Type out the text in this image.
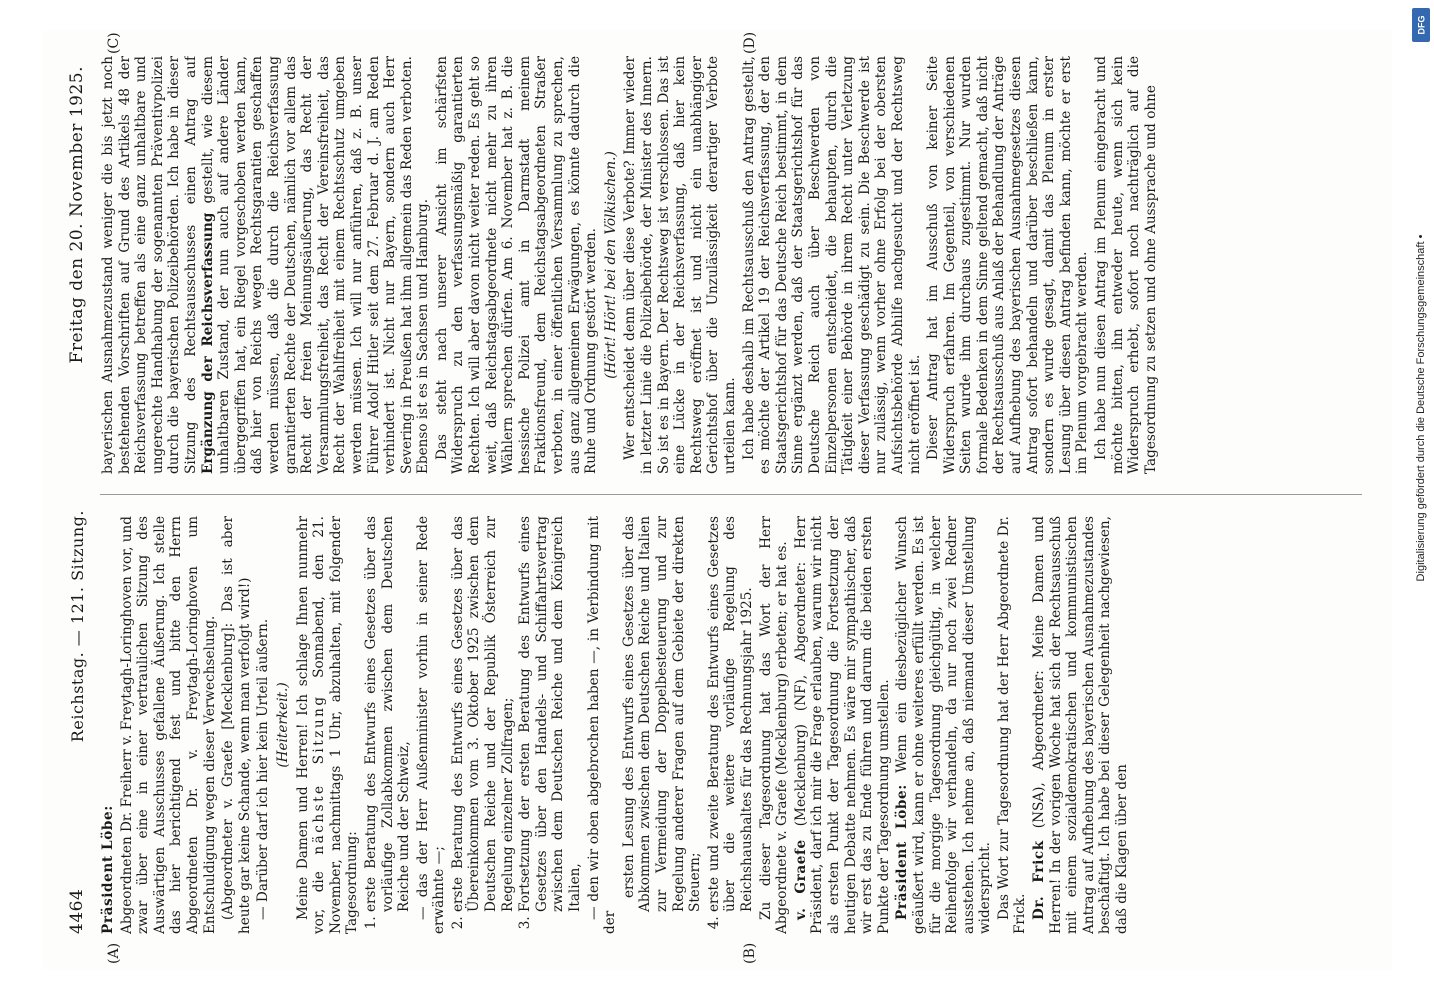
4464
Reichstag. — 121. Sitzung.
Freitag den 20. November 1925.
(A)	(B)
(C)	(D)

Präsident Löbe: Abgeordneten Dr. Freiherr v. Freytagh-Loringhoven vor, und zwar über eine in einer vertraulichen Sitzung des Auswärtigen Ausschusses gefallene Äußerung. Ich stelle das hier berichtigend fest und bitte den Herrn Abgeordneten Dr. v. Freytagh-Loringhoven um Entschuldigung wegen dieser Verwechselung. (Abgeordneter v. Graefe [Mecklenburg]: Das ist aber heute gar keine Schande, wenn man verfolgt wird!) — Darüber darf ich hier kein Urteil äußern. (Heiterkeit.) Meine Damen und Herren! Ich schlage Ihnen nunmehr vor, die nächste Sitzung Sonnabend, den 21. November, nachmittags 1 Uhr, abzuhalten, mit folgender Tagesordnung: 1. erste Beratung des Entwurfs eines Gesetzes über das vorläufige Zollabkommen zwischen dem Deutschen Reiche und der Schweiz, — das der Herr Außenminister vorhin in seiner Rede erwähnte —; 2. erste Beratung des Entwurfs eines Gesetzes über das Übereinkommen vom 3. Oktober 1925 zwischen dem Deutschen Reiche und der Republik Österreich zur Regelung einzelner Zollfragen; 3. Fortsetzung der ersten Beratung des Entwurfs eines Gesetzes über den Handels- und Schiffahrtsvertrag zwischen dem Deutschen Reiche und dem Königreich Italien, — den wir oben abgebrochen haben —, in Verbindung mit der

ersten Lesung des Entwurfs eines Gesetzes über das Abkommen zwischen dem Deutschen Reiche und Italien zur Vermeidung der Doppelbesteuerung und zur Regelung anderer Fragen auf dem Gebiete der direkten Steuern; 4. erste und zweite Beratung des Entwurfs eines Gesetzes über die weitere vorläufige Regelung des Reichshaushaltes für das Rechnungsjahr 1925. Zu dieser Tagesordnung hat das Wort der Herr Abgeordnete v. Graefe (Mecklenburg) erbeten; er hat es. v. Graefe (Mecklenburg) (NF), Abgeordneter: Herr Präsident, darf ich mir die Frage erlauben, warum wir nicht als ersten Punkt der Tagesordnung die Fortsetzung der heutigen Debatte nehmen. Es wäre mir sympathischer, daß wir erst das zu Ende führen und darum die beiden ersten Punkte der Tagesordnung umstellen. Präsident Löbe: Wenn ein diesbezüglicher Wunsch geäußert wird, kann er ohne weiteres erfüllt werden. Es ist für die morgige Tagesordnung gleichgültig, in welcher Reihenfolge wir verhandeln, da nur noch zwei Redner ausstehen. Ich nehme an, daß niemand dieser Umstellung widerspricht. Das Wort zur Tagesordnung hat der Herr Abgeordnete Dr. Frick. Dr. Frick (NSA), Abgeordneter: Meine Damen und Herren! In der vorigen Woche hat sich der Rechtsausschuß mit einem sozialdemokratischen und kommunistischen Antrag auf Aufhebung des bayerischen Ausnahmezustandes beschäftigt. Ich habe bei dieser Gelegenheit nachgewiesen, daß die Klagen über den

bayerischen Ausnahmezustand weniger die bis jetzt noch bestehenden Vorschriften auf Grund des Artikels 48 der Reichsverfassung betreffen als eine ganz unhaltbare und ungerechte Handhabung der sogenannten Präventivpolizei durch die bayerischen Polizeibehörden. Ich habe in dieser Sitzung des Rechtsausschusses einen Antrag auf Ergänzung der Reichsverfassung gestellt, wie diesem unhaltbaren Zustand, der nun auch auf andere Länder übergegriffen hat, ein Riegel vorgeschoben werden kann, daß hier von Reichs wegen Rechtsgarantien geschaffen werden müssen, daß die durch die Reichsverfassung garantierten Rechte der Deutschen, nämlich vor allem das Recht der freien Meinungsäußerung, das Recht der Versammlungsfreiheit, das Recht der Vereinsfreiheit, das Recht der Wahlfreiheit mit einem Rechtsschutz umgeben werden müssen. Ich will nur anführen, daß z. B. unser Führer Adolf Hitler seit dem 27. Februar d. J. am Reden verhindert ist. Nicht nur Bayern, sondern auch Herr Severing in Preußen hat ihm allgemein das Reden verboten. Ebenso ist es in Sachsen und Hamburg. Das steht nach unserer Ansicht im schärfsten Widerspruch zu den verfassungsmäßig garantierten Rechten. Ich will aber davon nicht weiter reden. Es geht so weit, daß Reichstagsabgeordnete nicht mehr zu ihren Wählern sprechen dürfen. Am 6. November hat z. B. die hessische Polizei amt in Darmstadt meinem Fraktionsfreund, dem Reichstagsabgeordneten Straßer verboten, in einer öffentlichen Versammlung zu sprechen, aus ganz allgemeinen Erwägungen, es könnte dadurch die Ruhe und Ordnung gestört werden. (Hört! Hört! bei den Völkischen.) Wer entscheidet denn über diese Verbote? Immer wieder in letzter Linie die Polizeibehörde, der Minister des Innern. So ist es in Bayern. Der Rechtsweg ist verschlossen. Das ist eine Lücke in der Reichsverfassung, daß hier kein Rechtsweg eröffnet ist und nicht ein unabhängiger Gerichtshof über die Unzulässigkeit derartiger Verbote urteilen kann. Ich habe deshalb im Rechtsausschuß den Antrag gestellt, es möchte der Artikel 19 der Reichsverfassung, der den Staatsgerichtshof für das Deutsche Reich bestimmt, in dem Sinne ergänzt werden, daß der Staatsgerichtshof für das Deutsche Reich auch über Beschwerden von Einzelpersonen entscheidet, die behaupten, durch die Tätigkeit einer Behörde in ihrem Recht unter Verletzung dieser Verfassung geschädigt zu sein. Die Beschwerde ist nur zulässig, wenn vorher ohne Erfolg bei der obersten Aufsichtsbehörde Abhilfe nachgesucht und der Rechtsweg nicht eröffnet ist. Dieser Antrag hat im Ausschuß von keiner Seite Widerspruch erfahren. Im Gegenteil, von verschiedenen Seiten wurde ihm durchaus zugestimmt. Nur wurden formale Bedenken in dem Sinne geltend gemacht, daß nicht der Rechtsausschuß aus Anlaß der Behandlung der Anträge auf Aufhebung des bayerischen Ausnahmegesetzes diesen Antrag sofort behandeln und darüber beschließen kann, sondern es wurde gesagt, damit das Plenum in erster Lesung über diesen Antrag befinden kann, möchte er erst im Plenum vorgebracht werden. Ich habe nun diesen Antrag im Plenum eingebracht und möchte bitten, ihn entweder heute, wenn sich kein Widerspruch erhebt, sofort noch nachträglich auf die Tagesordnung zu setzen und ohne Aussprache und ohne

DFG
Digitalisierung gefördert durch die Deutsche Forschungsgemeinschaft •
